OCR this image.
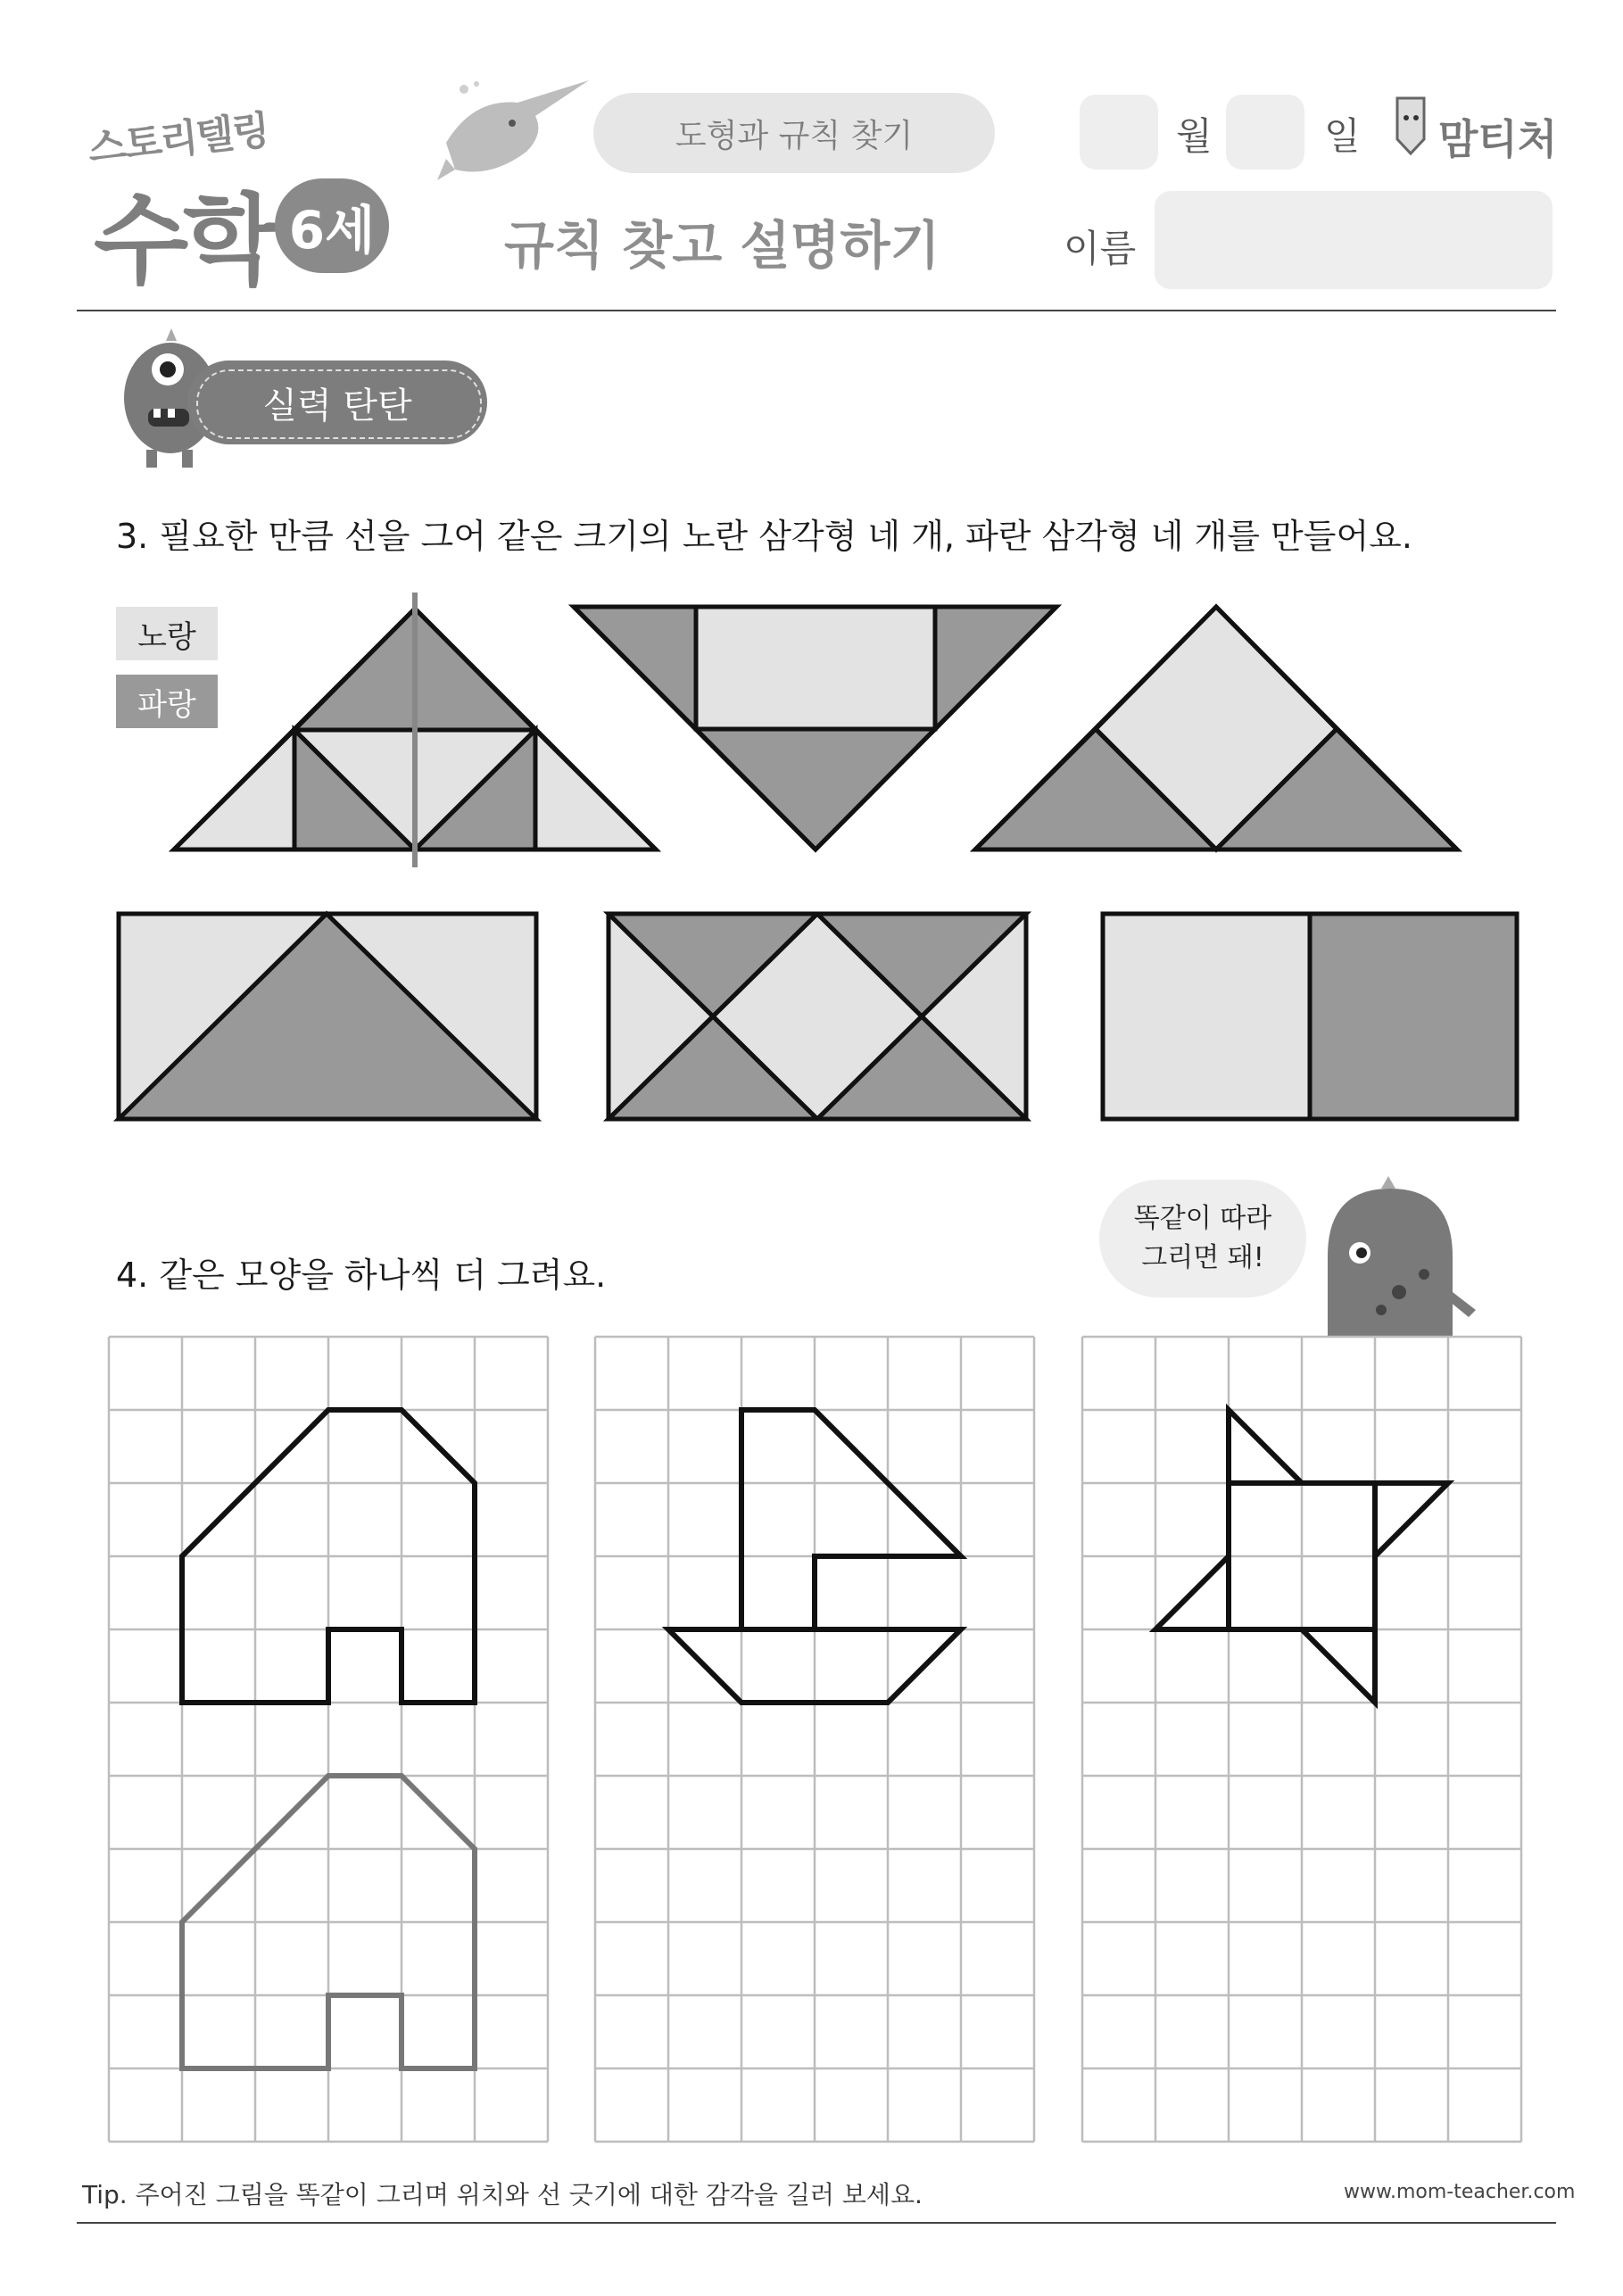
스토리텔링
수학 6세
도형과 규칙 찾기
규칙 찾고 설명하기
월	일 맘티처
이름
실력 탄탄
3. 필요한 만큼 선을 그어 같은 크기의 노란 삼각형 네 개, 파란 삼각형 네 개를 만들어요.
노랑
파랑
4. 같은 모양을 하나씩 더 그려요.
똑같이 따라
그리면 돼!
Tip. 주어진 그림을 똑같이 그리며 위치와 선 긋기에 대한 감각을 길러 보세요.	www.mom-teacher.com
